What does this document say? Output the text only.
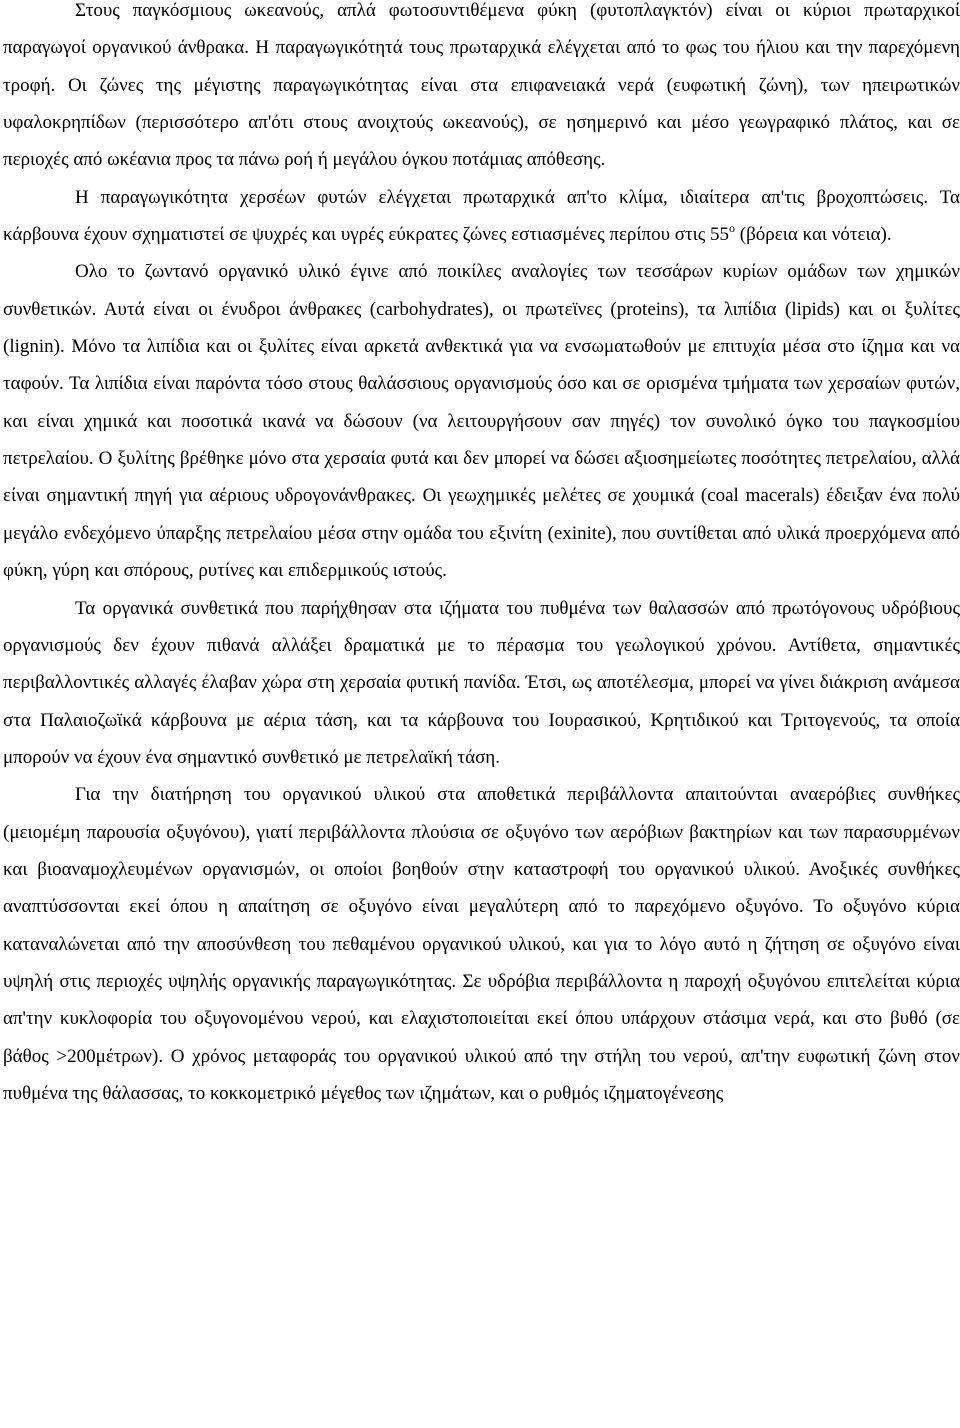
Στους παγκόσμιους ωκεανούς, απλά φωτοσυντιθέμενα φύκη (φυτοπλαγκτόν) είναι οι κύριοι πρωταρχικοί παραγωγοί οργανικού άνθρακα. Η παραγωγικότητά τους πρωταρχικά ελέγχεται από το φως του ήλιου και την παρεχόμενη τροφή. Οι ζώνες της μέγιστης παραγωγικότητας είναι στα επιφανειακά νερά (ευφωτική ζώνη), των ηπειρωτικών υφαλοκρηπίδων (περισσότερο απ'ότι στους ανοιχτούς ωκεανούς), σε ησημερινό και μέσο γεωγραφικό πλάτος, και σε περιοχές από ωκέανια προς τα πάνω ροή ή μεγάλου όγκου ποτάμιας απόθεσης.

Η παραγωγικότητα χερσέων φυτών ελέγχεται πρωταρχικά απ'το κλίμα, ιδιαίτερα απ'τις βροχοπτώσεις. Τα κάρβουνα έχουν σχηματιστεί σε ψυχρές και υγρές εύκρατες ζώνες εστιασμένες περίπου στις $55^o$ (βόρεια και νότεια).

Ολο το ζωντανό οργανικό υλικό έγινε από ποικίλες αναλογίες των τεσσάρων κυρίων ομάδων των χημικών συνθετικών. Αυτά είναι οι ένυδροι άνθρακες (carbohydrates), οι πρωτεϊνες (proteins), τα λιπίδια (lipids) και οι ξυλίτες (lignin). Μόνο τα λιπίδια και οι ξυλίτες είναι αρκετά ανθεκτικά για να ενσωματωθούν με επιτυχία μέσα στο ίζημα και να ταφούν. Τα λιπίδια είναι παρόντα τόσο στους θαλάσσιους οργανισμούς όσο και σε ορισμένα τμήματα των χερσαίων φυτών, και είναι χημικά και ποσοτικά ικανά να δώσουν (να λειτουργήσουν σαν πηγές) τον συνολικό όγκο του παγκοσμίου πετρελαίου. Ο ξυλίτης βρέθηκε μόνο στα χερσαία φυτά και δεν μπορεί να δώσει αξιοσημείωτες ποσότητες πετρελαίου, αλλά είναι σημαντική πηγή για αέριους υδρογονάνθρακες. Οι γεωχημικές μελέτες σε χουμικά (coal macerals) έδειξαν ένα πολύ μεγάλο ενδεχόμενο ύπαρξης πετρελαίου μέσα στην ομάδα του εξινίτη (exinite), που συντίθεται από υλικά προερχόμενα από φύκη, γύρη και σπόρους, ρυτίνες και επιδερμικούς ιστούς.

Τα οργανικά συνθετικά που παρήχθησαν στα ιζήματα του πυθμένα των θαλασσών από πρωτόγονους υδρόβιους οργανισμούς δεν έχουν πιθανά αλλάξει δραματικά με το πέρασμα του γεωλογικού χρόνου. Αντίθετα, σημαντικές περιβαλλοντικές αλλαγές έλαβαν χώρα στη χερσαία φυτική πανίδα. Έτσι, ως αποτέλεσμα, μπορεί να γίνει διάκριση ανάμεσα στα Παλαιοζωϊκά κάρβουνα με αέρια τάση, και τα κάρβουνα του Ιουρασικού, Κρητιδικού και Τριτογενούς, τα οποία μπορούν να έχουν ένα σημαντικό συνθετικό με πετρελαϊκή τάση.

Για την διατήρηση του οργανικού υλικού στα αποθετικά περιβάλλοντα απαιτούνται αναερόβιες συνθήκες (μειομέμη παρουσία οξυγόνου), γιατί περιβάλλοντα πλούσια σε οξυγόνο των αερόβιων βακτηρίων και των παρασυρμένων και βιοαναμοχλευμένων οργανισμών, οι οποίοι βοηθούν στην καταστροφή του οργανικού υλικού. Ανοξικές συνθήκες αναπτύσσονται εκεί όπου η απαίτηση σε οξυγόνο είναι μεγαλύτερη από το παρεχόμενο οξυγόνο. Το οξυγόνο κύρια καταναλώνεται από την αποσύνθεση του πεθαμένου οργανικού υλικού, και για το λόγο αυτό η ζήτηση σε οξυγόνο είναι υψηλή στις περιοχές υψηλής οργανικής παραγωγικότητας. Σε υδρόβια περιβάλλοντα η παροχή οξυγόνου επιτελείται κύρια απ'την κυκλοφορία του οξυγονομένου νερού, και ελαχιστοποιείται εκεί όπου υπάρχουν στάσιμα νερά, και στο βυθό (σε βάθος >200μέτρων). Ο χρόνος μεταφοράς του οργανικού υλικού από την στήλη του νερού, απ'την ευφωτική ζώνη στον πυθμένα της θάλασσας, το κοκκομετρικό μέγεθος των ιζημάτων, και ο ρυθμός ιζηματογένεσης
